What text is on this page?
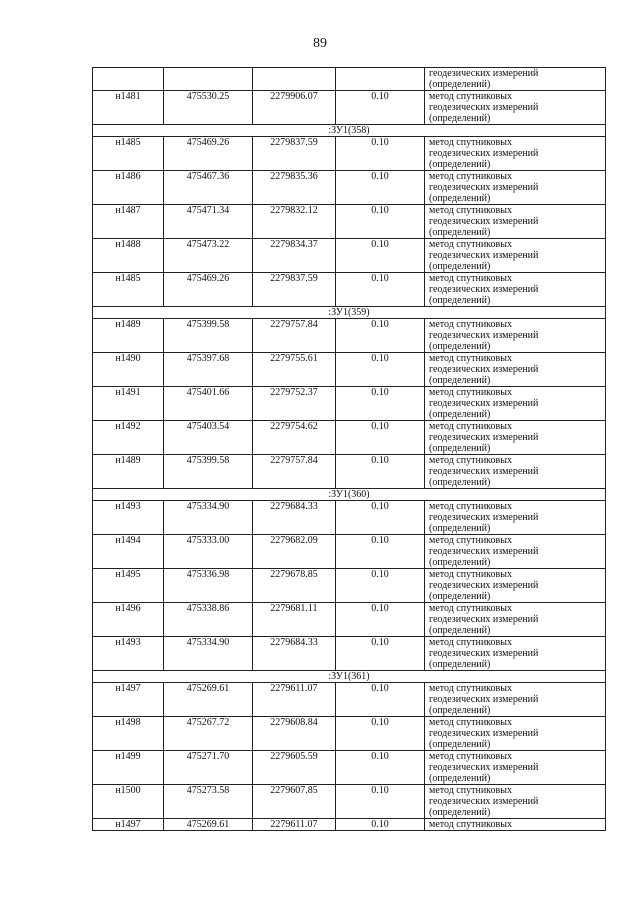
89
				геодезических измерений
(определений)
н1481	475530.25	2279906.07	0.10	метод спутниковых
геодезических измерений
(определений)
:ЗУ1(358)				
н1485	475469.26	2279837.59	0.10	метод спутниковых
геодезических измерений
(определений)
н1486	475467.36	2279835.36	0.10	метод спутниковых
геодезических измерений
(определений)
н1487	475471.34	2279832.12	0.10	метод спутниковых
геодезических измерений
(определений)
н1488	475473.22	2279834.37	0.10	метод спутниковых
геодезических измерений
(определений)
н1485	475469.26	2279837.59	0.10	метод спутниковых
геодезических измерений
(определений)
:ЗУ1(359)				
н1489	475399.58	2279757.84	0.10	метод спутниковых
геодезических измерений
(определений)
н1490	475397.68	2279755.61	0.10	метод спутниковых
геодезических измерений
(определений)
н1491	475401.66	2279752.37	0.10	метод спутниковых
геодезических измерений
(определений)
н1492	475403.54	2279754.62	0.10	метод спутниковых
геодезических измерений
(определений)
н1489	475399.58	2279757.84	0.10	метод спутниковых
геодезических измерений
(определений)
:ЗУ1(360)				
н1493	475334.90	2279684.33	0.10	метод спутниковых
геодезических измерений
(определений)
н1494	475333.00	2279682.09	0.10	метод спутниковых
геодезических измерений
(определений)
н1495	475336.98	2279678.85	0.10	метод спутниковых
геодезических измерений
(определений)
н1496	475338.86	2279681.11	0.10	метод спутниковых
геодезических измерений
(определений)
н1493	475334.90	2279684.33	0.10	метод спутниковых
геодезических измерений
(определений)
:ЗУ1(361)				
н1497	475269.61	2279611.07	0.10	метод спутниковых
геодезических измерений
(определений)
н1498	475267.72	2279608.84	0.10	метод спутниковых
геодезических измерений
(определений)
н1499	475271.70	2279605.59	0.10	метод спутниковых
геодезических измерений
(определений)
н1500	475273.58	2279607.85	0.10	метод спутниковых
геодезических измерений
(определений)
н1497	475269.61	2279611.07	0.10	метод спутниковых
